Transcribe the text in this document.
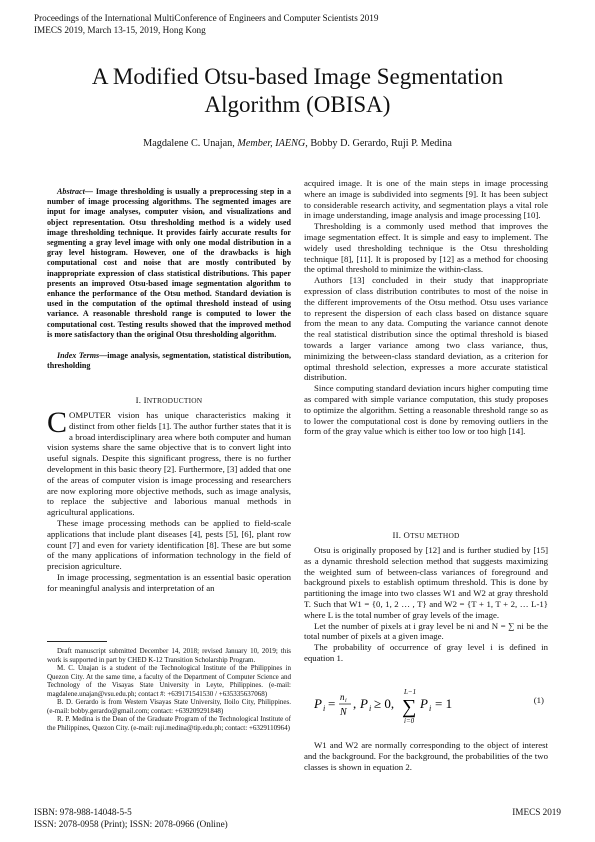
Proceedings of the International MultiConference of Engineers and Computer Scientists 2019
IMECS 2019, March 13-15, 2019, Hong Kong
A Modified Otsu-based Image Segmentation
Algorithm (OBISA)
Magdalene C. Unajan, Member, IAENG, Bobby D. Gerardo, Ruji P. Medina
Abstract— Image thresholding is usually a preprocessing step in a number of image processing algorithms. The segmented images are input for image analyses, computer vision, and visualizations and object representation. Otsu thresholding method is a widely used image thresholding technique. It provides fairly accurate results for segmenting a gray level image with only one modal distribution in a gray level histogram. However, one of the drawbacks is high computational cost and noise that are mostly contributed by inappropriate expression of class statistical distributions. This paper presents an improved Otsu-based image segmentation algorithm to enhance the performance of the Otsu method. Standard deviation is used in the computation of the optimal threshold instead of using variance. A reasonable threshold range is computed to lower the computational cost. Testing results showed that the improved method is more satisfactory than the original Otsu thresholding algorithm.
Index Terms—image analysis, segmentation, statistical distribution, thresholding
I. INTRODUCTION

COMPUTER vision has unique characteristics making it distinct from other fields [1]. The author further states that it is a broad interdisciplinary area where both computer and human vision systems share the same objective that is to convert light into useful signals. Despite this significant progress, there is no further development in this basic theory [2]. Furthermore, [3] added that one of the areas of computer vision is image processing and researchers are now exploring more objective methods, such as image analysis, to replace the subjective and laborious manual methods in agricultural applications.

These image processing methods can be applied to field-scale applications that include plant diseases [4], pests [5], [6], plant row count [7] and even for variety identification [8]. These are but some of the many applications of information technology in the field of precision agriculture.

In image processing, segmentation is an essential basic operation for meaningful analysis and interpretation of an

Draft manuscript submitted December 14, 2018; revised January 10, 2019; this work is supported in part by CHED K-12 Transition Scholarship Program.

M. C. Unajan is a student of the Technological Institute of the Philippines in Quezon City. At the same time, a faculty of the Department of Computer Science and Technology of the Visayas State University in Leyte, Philippines. (e-mail: magdalene.unajan@vsu.edu.ph; contact #: +639171541530 / +635335637068)

B. D. Gerardo is from Western Visayas State University, Iloilo City, Philippines. (e-mail: bobby.gerardo@gmail.com; contact: +639209291848)

R. P. Medina is the Dean of the Graduate Program of the Technological Institute of the Philippines, Quezon City. (e-mail: ruji.medina@tip.edu.ph; contact: +6329110964)

acquired image. It is one of the main steps in image processing where an image is subdivided into segments [9]. It has been subject to considerable research activity, and segmentation plays a vital role in image understanding, image analysis and image processing [10].

Thresholding is a commonly used method that improves the image segmentation effect. It is simple and easy to implement. The widely used thresholding technique is the Otsu thresholding technique [8], [11]. It is proposed by [12] as a method for choosing the optimal threshold to minimize the within-class.

Authors [13] concluded in their study that inappropriate expression of class distribution contributes to most of the noise in the different improvements of the Otsu method. Otsu uses variance to represent the dispersion of each class based on distance square from the mean to any data. Computing the variance cannot denote the real statistical distribution since the optimal threshold is biased towards a larger variance among two class variance, thus, minimizing the between-class standard deviation, as a criterion for optimal threshold selection, expresses a more accurate statistical distribution.

Since computing standard deviation incurs higher computing time as compared with simple variance computation, this study proposes to optimize the algorithm. Setting a reasonable threshold range so as to lower the computational cost is done by removing outliers in the form of the gray value which is either too low or too high [14].

II. OTSU METHOD

Otsu is originally proposed by [12] and is further studied by [15] as a dynamic threshold selection method that suggests maximizing the weighted sum of between-class variances of foreground and background pixels to establish optimum threshold. This is done by partitioning the image into two classes W1 and W2 at gray threshold T. Such that W1 = {0, 1, 2 … , T} and W2 = {T + 1, T + 2, … L-1} where L is the total number of gray levels of the image.

Let the number of pixels at i gray level be ni and N = ∑ ni be the total number of pixels at a given image.

The probability of occurrence of gray level i is defined in equation 1.

P i = n i
N
, P i ≥ 0, ∑
L−1
i=0
P i = 1	(1)

W1 and W2 are normally corresponding to the object of interest and the background. For the background, the probabilities of the two classes is shown in equation 2.

ISBN: 978-988-14048-5-5
ISSN: 2078-0958 (Print); ISSN: 2078-0966 (Online)
IMECS 2019
